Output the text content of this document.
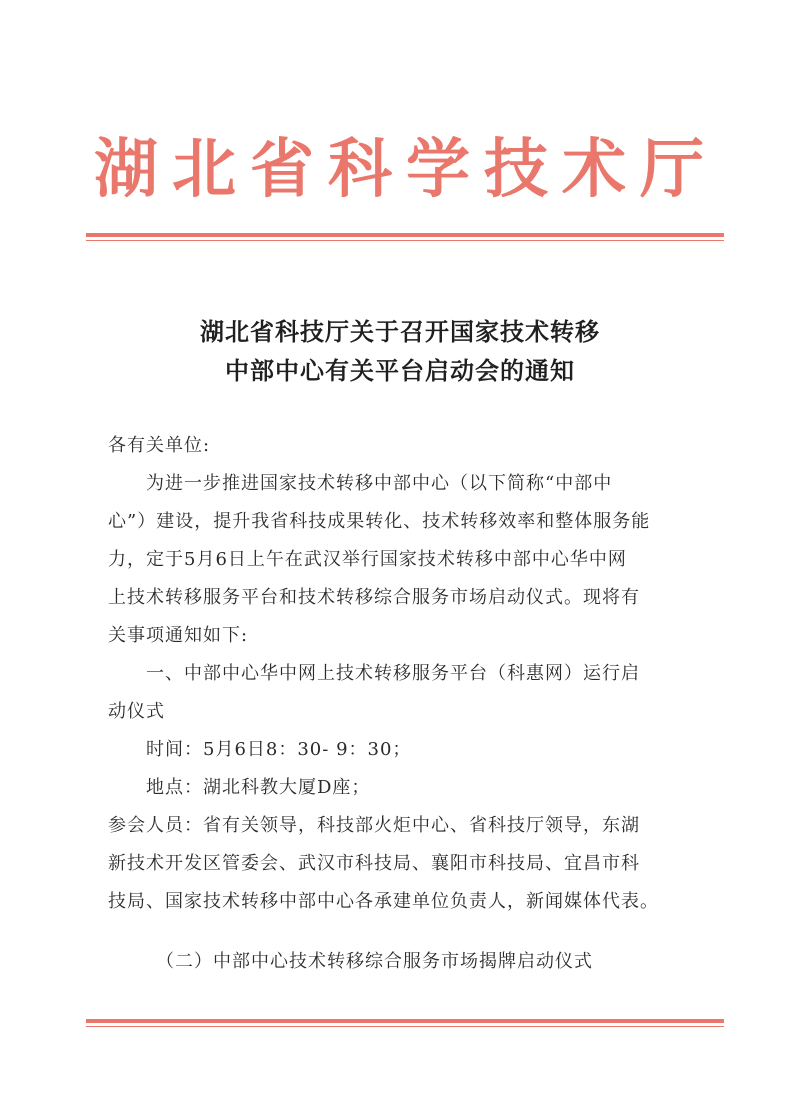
湖北省科学技术厅
湖北省科技厅关于召开国家技术转移
中部中心有关平台启动会的通知
各有关单位:
为进一步推进国家技术转移中部中心（以下简称“中部中
心”）建设，提升我省科技成果转化、技术转移效率和整体服务能
力，定于5月6日上午在武汉举行国家技术转移中部中心华中网
上技术转移服务平台和技术转移综合服务市场启动仪式。现将有
关事项通知如下:
一、中部中心华中网上技术转移服务平台（科惠网）运行启
动仪式
时间：5月6日8：30- 9：30；
地点：湖北科教大厦D座；
参会人员：省有关领导，科技部火炬中心、省科技厅领导，东湖
新技术开发区管委会、武汉市科技局、襄阳市科技局、宜昌市科
技局、国家技术转移中部中心各承建单位负责人，新闻媒体代表。
（二）中部中心技术转移综合服务市场揭牌启动仪式
